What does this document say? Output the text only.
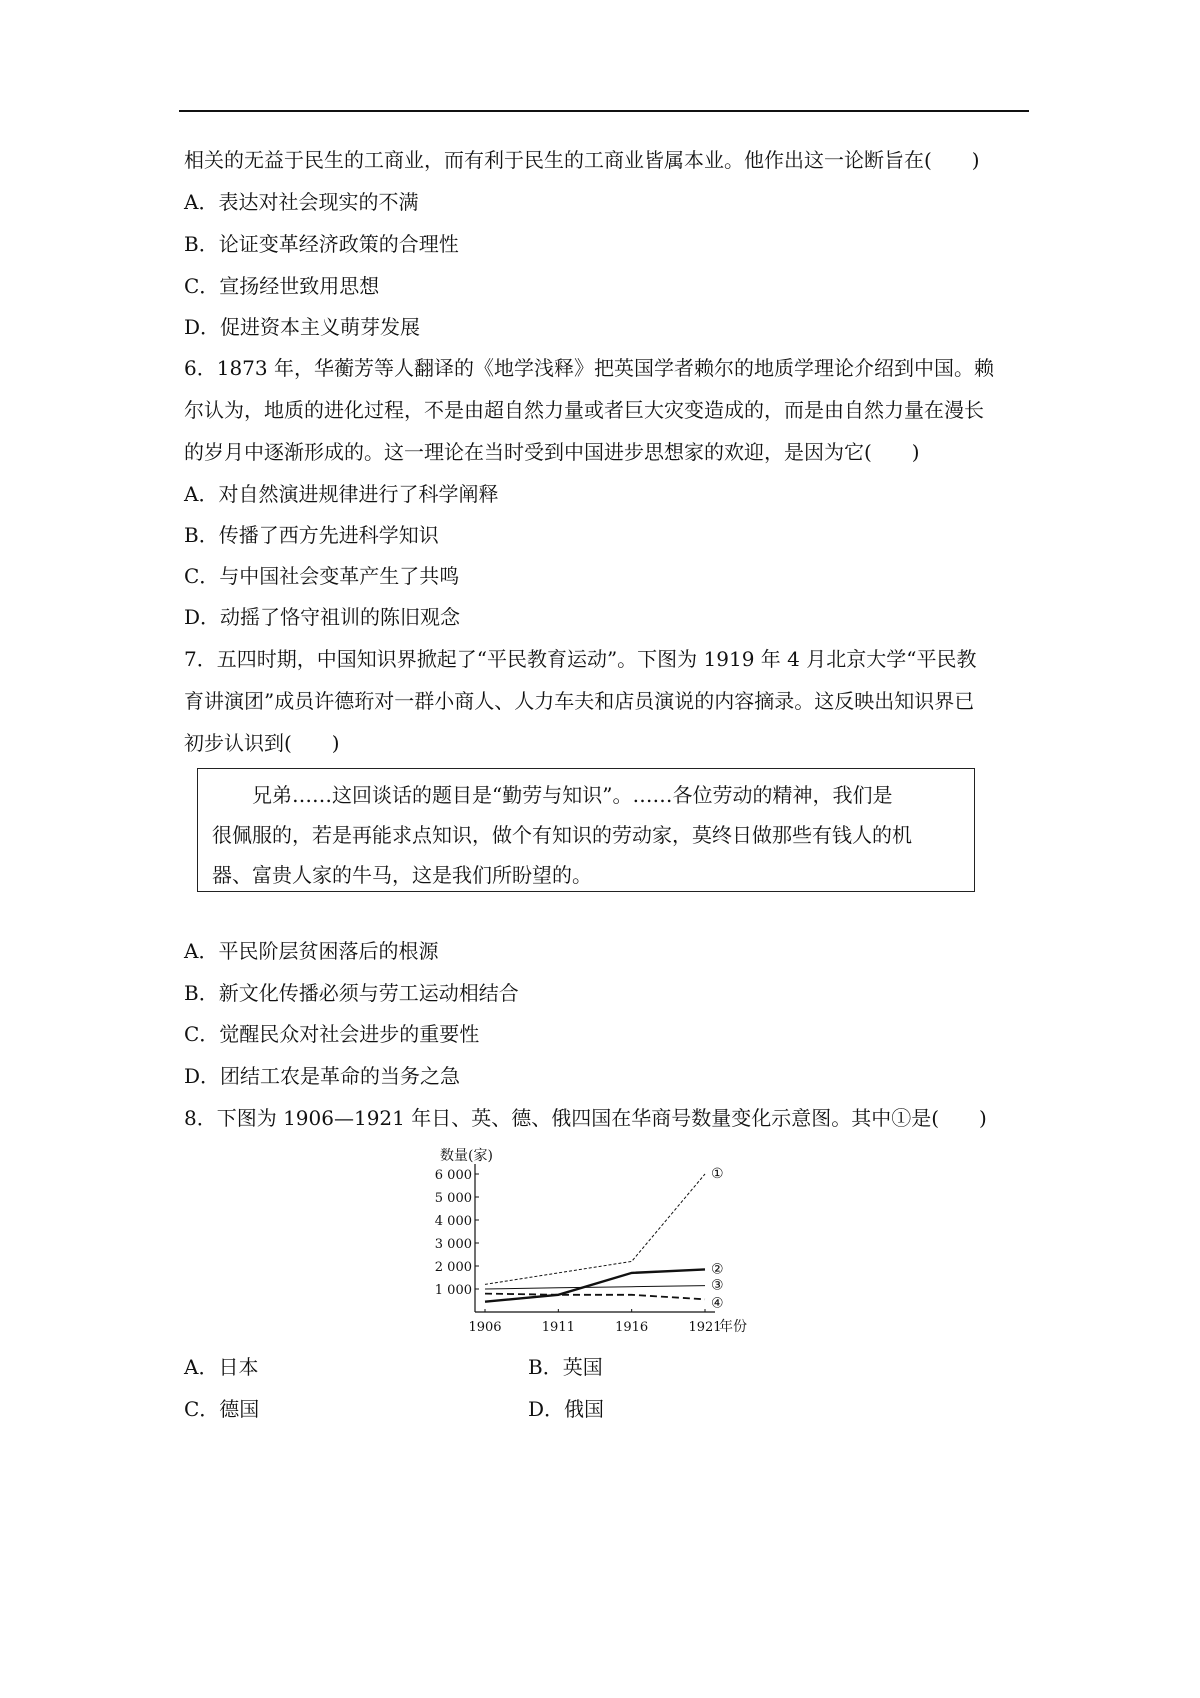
相关的无益于民生的工商业，而有利于民生的工商业皆属本业。他作出这一论断旨在(　　)
A．表达对社会现实的不满
B．论证变革经济政策的合理性
C．宣扬经世致用思想
D．促进资本主义萌芽发展
6．1873 年，华蘅芳等人翻译的《地学浅释》把英国学者赖尔的地质学理论介绍到中国。赖
尔认为，地质的进化过程，不是由超自然力量或者巨大灾变造成的，而是由自然力量在漫长
的岁月中逐渐形成的。这一理论在当时受到中国进步思想家的欢迎，是因为它(　　)
A．对自然演进规律进行了科学阐释
B．传播了西方先进科学知识
C．与中国社会变革产生了共鸣
D．动摇了恪守祖训的陈旧观念
7．五四时期，中国知识界掀起了“平民教育运动”。下图为 1919 年 4 月北京大学“平民教
育讲演团”成员许德珩对一群小商人、人力车夫和店员演说的内容摘录。这反映出知识界已
初步认识到(　　)
　　兄弟……这回谈话的题目是“勤劳与知识”。……各位劳动的精神，我们是
很佩服的，若是再能求点知识，做个有知识的劳动家，莫终日做那些有钱人的机
器、富贵人家的牛马，这是我们所盼望的。
A．平民阶层贫困落后的根源
B．新文化传播必须与劳工运动相结合
C．觉醒民众对社会进步的重要性
D．团结工农是革命的当务之急
8．下图为 1906—1921 年日、英、德、俄四国在华商号数量变化示意图。其中①是(　　)
数量(家)
1 000
2 000
3 000
4 000
5 000
6 000
1906	1911	1916	1921
年份
①
②
③
④
A．日本	B．英国
C．德国	D．俄国
